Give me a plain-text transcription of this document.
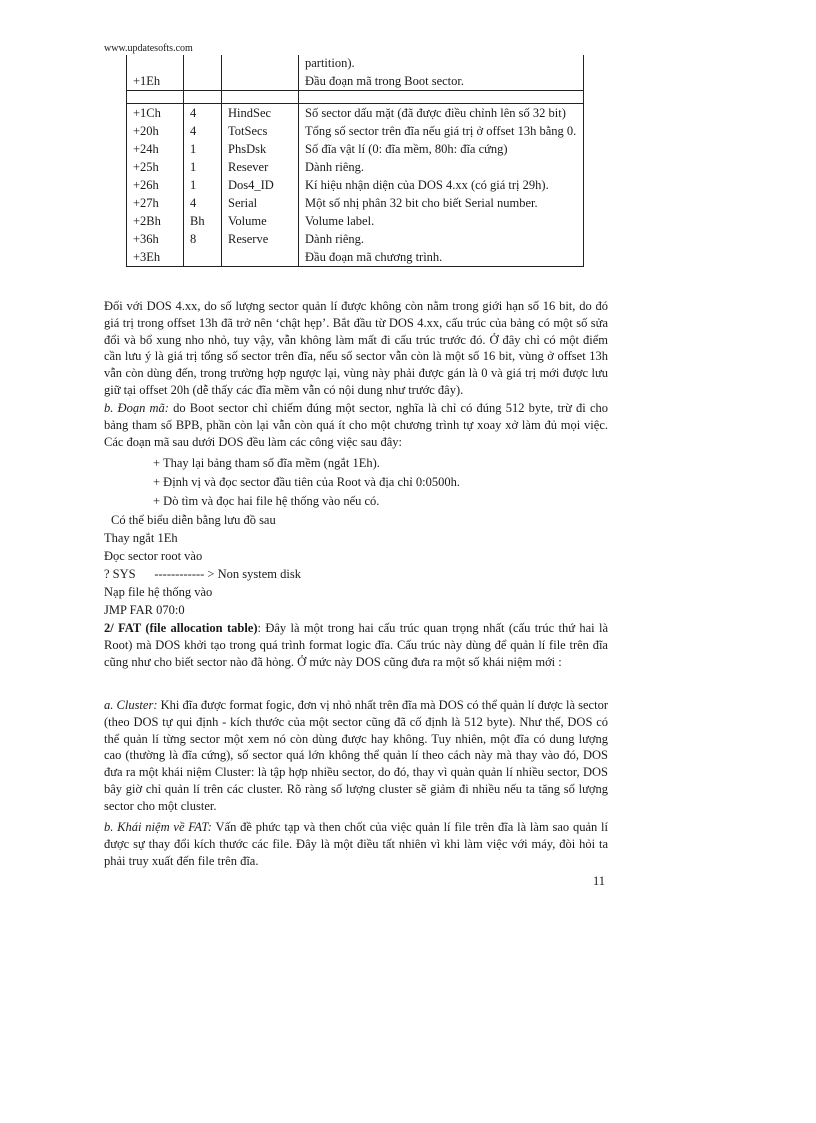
www.updatesofts.com
			partition).
+1Eh			Đầu đoạn mã trong Boot sector.

+1Ch	4	HindSec	Số sector dấu mặt (đã được điều chỉnh lên số 32 bit)
+20h	4	TotSecs	Tổng số sector trên đĩa nếu giá trị ở offset 13h bằng 0.
+24h	1	PhsDsk	Số đĩa vật lí (0: đĩa mềm, 80h: đĩa cứng)
+25h	1	Resever	Dành riêng.
+26h	1	Dos4_ID	Kí hiệu nhận diện của DOS 4.xx (có giá trị 29h).
+27h	4	Serial	Một số nhị phân 32 bit cho biết Serial number.
+2Bh	Bh	Volume	Volume label.
+36h	8	Reserve	Dành riêng.
+3Eh			Đầu đoạn mã chương trình.
Đối với DOS 4.xx, do số lượng sector quản lí được không còn nằm trong giới hạn số 16 bit, do đó giá trị trong offset 13h đã trở nên ‘chật hẹp’. Bắt đầu từ DOS 4.xx, cấu trúc của bảng có một số sửa đổi và bổ xung nho nhỏ, tuy vậy, vẫn không làm mất đi cấu trúc trước đó. Ở đây chỉ có một điểm cần lưu ý là giá trị tổng số sector trên đĩa, nếu số sector vẫn còn là một số 16 bit, vùng ở offset 13h vẫn còn dùng đến, trong trường hợp ngược lại, vùng này phải được gán là 0 và giá trị mới được lưu giữ tại offset 20h (dễ thấy các đĩa mềm vẫn có nội dung như trước đây).
b. Đoạn mã: do Boot sector chỉ chiếm đúng một sector, nghĩa là chỉ có đúng 512 byte, trừ đi cho bảng tham số BPB, phần còn lại vẫn còn quá ít cho một chương trình tự xoay xở làm đủ mọi việc. Các đoạn mã sau dưới DOS đều làm các công việc sau đây:
+ Thay lại bảng tham số đĩa mềm (ngắt 1Eh).
+ Định vị và đọc sector đầu tiên của Root và địa chỉ 0:0500h.
+ Dò tìm và đọc hai file hệ thống vào nếu có.
Có thể biểu diễn bằng lưu đồ sau
Thay ngắt 1Eh
Đọc sector root vào
? SYS      ------------ > Non system disk
Nạp file hệ thống vào
JMP FAR 070:0
2/ FAT (file allocation table): Đây là một trong hai cấu trúc quan trọng nhất (cấu trúc thứ hai là Root) mà DOS khởi tạo trong quá trình format logic đĩa. Cấu trúc này dùng để quản lí file trên đĩa cũng như cho biết sector nào đã hỏng. Ở mức này DOS cũng đưa ra một số khái niệm mới :
a. Cluster: Khi đĩa được format fogic, đơn vị nhỏ nhất trên đĩa mà DOS có thể quản lí được là sector (theo DOS tự qui định - kích thước của một sector cũng đã cố định là 512 byte). Như thế, DOS có thể quản lí từng sector một xem nó còn dùng được hay không. Tuy nhiên, một đĩa có dung lượng cao (thường là đĩa cứng), số sector quá lớn không thể quản lí theo cách này mà thay vào đó, DOS đưa ra một khái niệm Cluster: là tập hợp nhiều sector, do đó, thay vì quản quản lí nhiều sector, DOS bây giờ chỉ quản lí trên các cluster. Rõ ràng số lượng cluster sẽ giảm đi nhiều nếu ta tăng số lượng sector cho một cluster.
b. Khái niệm về FAT: Vấn đề phức tạp và then chốt của việc quản lí file trên đĩa là làm sao quản lí được sự thay đổi kích thước các file. Đây là một điều tất nhiên vì khi làm việc với máy, đòi hỏi ta phải truy xuất đến file trên đĩa.
11
